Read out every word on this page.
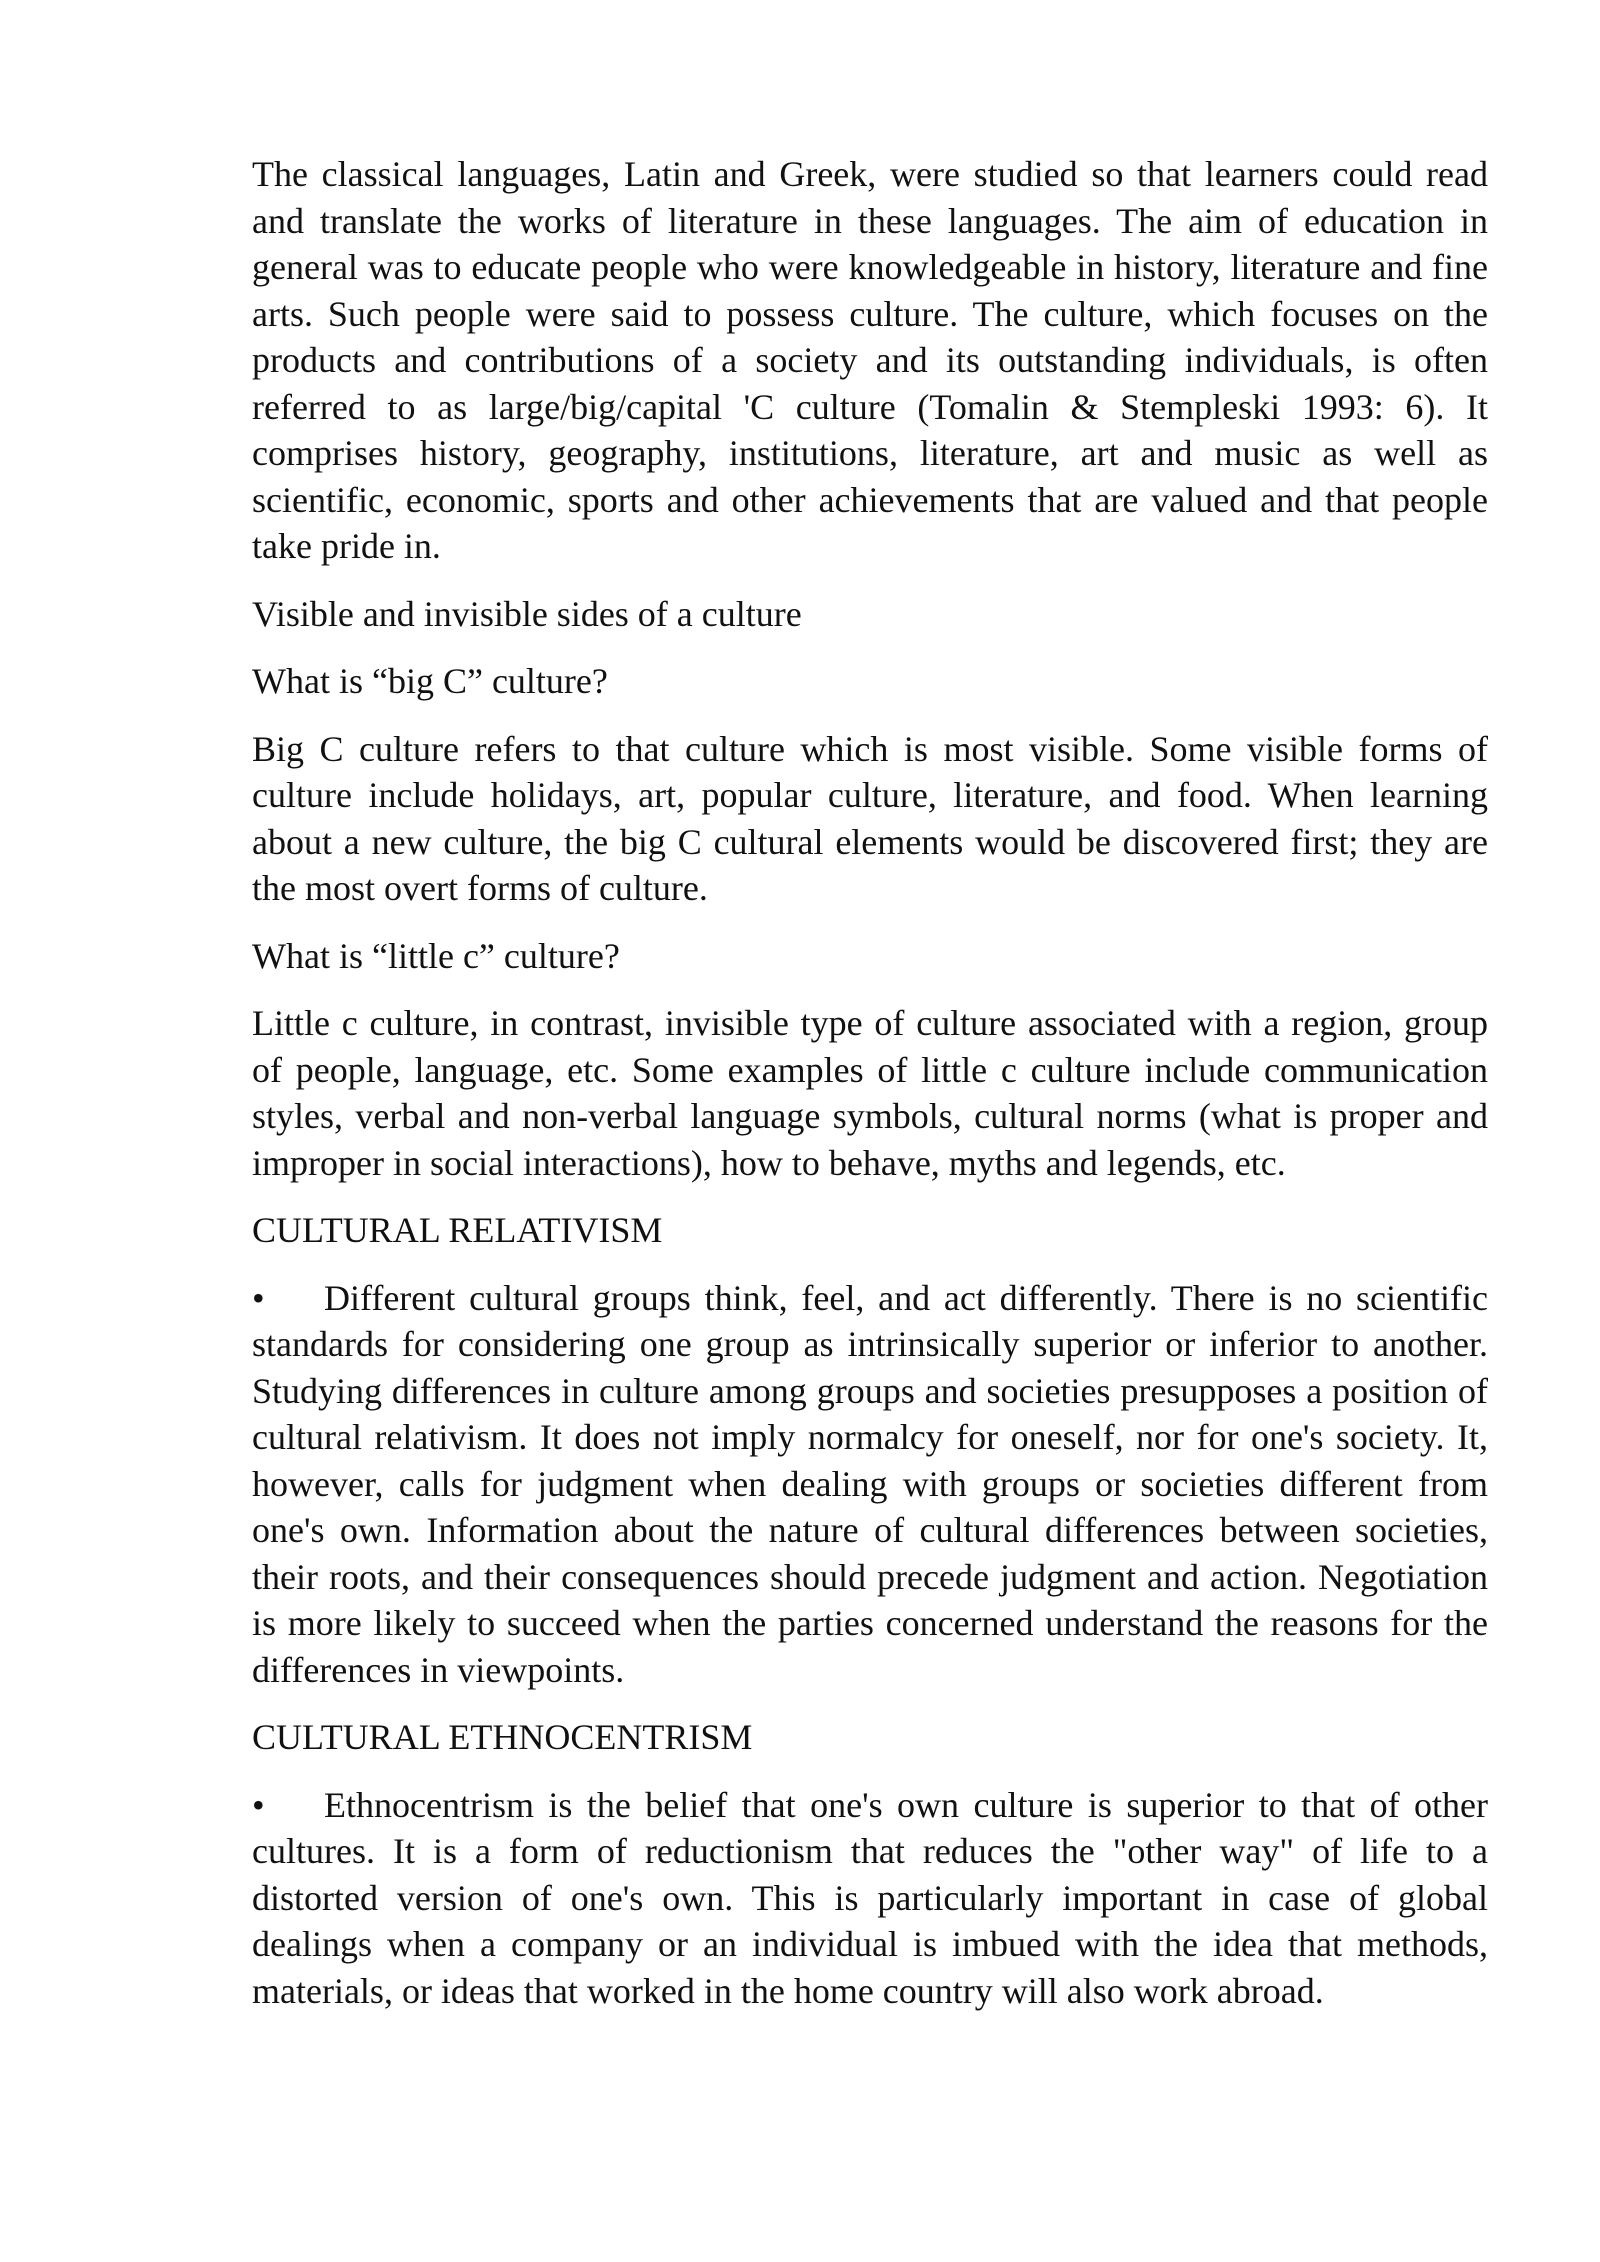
The classical languages, Latin and Greek, were studied so that learners could read and translate the works of literature in these languages. The aim of education in general was to educate people who were knowledgeable in history, literature and fine arts. Such people were said to possess culture. The culture, which focuses on the products and contributions of a society and its outstanding individuals, is often referred to as large/big/capital 'C culture (Tomalin & Stempleski 1993: 6). It comprises history, geography, institutions, literature, art and music as well as scientific, economic, sports and other achievements that are valued and that people take pride in.

Visible and invisible sides of a culture

What is “big C” culture?

Big C culture refers to that culture which is most visible. Some visible forms of culture include holidays, art, popular culture, literature, and food. When learning about a new culture, the big C cultural elements would be discovered first; they are the most overt forms of culture.

What is “little c” culture?

Little c culture, in contrast, invisible type of culture associated with a region, group of people, language, etc. Some examples of little c culture include communication styles, verbal and non-verbal language symbols, cultural norms (what is proper and improper in social interactions), how to behave, myths and legends, etc.

CULTURAL RELATIVISM

• Different cultural groups think, feel, and act differently. There is no scientific standards for considering one group as intrinsically superior or inferior to another. Studying differences in culture among groups and societies presupposes a position of cultural relativism. It does not imply normalcy for oneself, nor for one's society. It, however, calls for judgment when dealing with groups or societies different from one's own. Information about the nature of cultural differences between societies, their roots, and their consequences should precede judgment and action. Negotiation is more likely to succeed when the parties concerned understand the reasons for the differences in viewpoints.

CULTURAL ETHNOCENTRISM

• Ethnocentrism is the belief that one's own culture is superior to that of other cultures. It is a form of reductionism that reduces the "other way" of life to a distorted version of one's own. This is particularly important in case of global dealings when a company or an individual is imbued with the idea that methods, materials, or ideas that worked in the home country will also work abroad.
